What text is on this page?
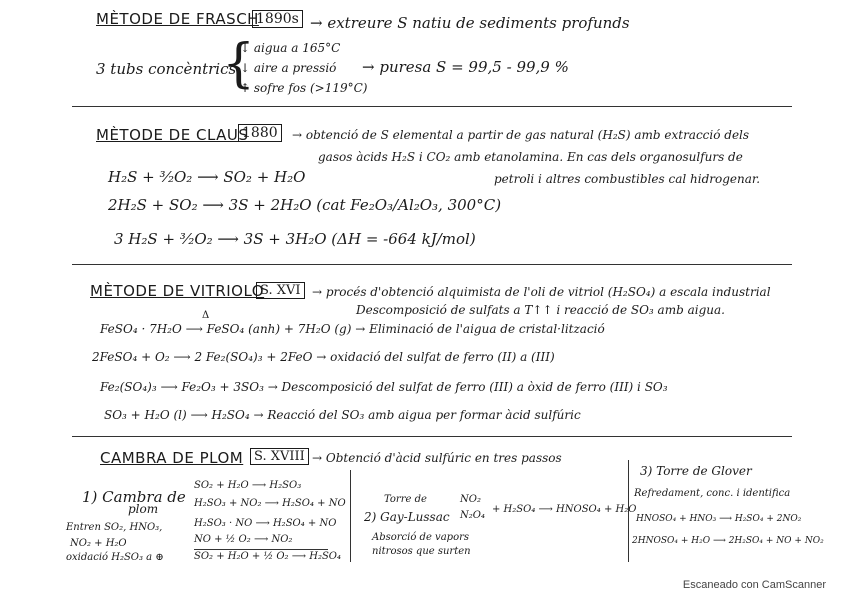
MÈTODE DE FRASCH
1890s → extreure S natiu de sediments profunds
3 tubs concèntrics
{
↓ aigua a 165°C
↓ aire a pressió
↑ sofre fos (>119°C)
→ puresa S = 99,5 - 99,9 %
MÈTODE DE CLAUS
1880	→ obtenció de S elemental a partir de gas natural (H₂S) amb extracció dels
gasos àcids H₂S i CO₂ amb etanolamina. En cas dels organosulfurs de
petroli i altres combustibles cal hidrogenar.
H₂S + ³⁄₂O₂ ⟶ SO₂ + H₂O
2H₂S + SO₂ ⟶ 3S + 2H₂O (cat Fe₂O₃/Al₂O₃, 300°C)
3 H₂S + ³⁄₂O₂ ⟶ 3S + 3H₂O (ΔH = -664 kJ/mol)
MÈTODE DE VITRIOLO
S. XVI → procés d'obtenció alquimista de l'oli de vitriol (H₂SO₄) a escala industrial
Descomposició de sulfats a T↑↑ i reacció de SO₃ amb aigua.
Δ
FeSO₄ · 7H₂O ⟶ FeSO₄ (anh) + 7H₂O (g) → Eliminació de l'aigua de cristal·lització
2FeSO₄ + O₂ ⟶ 2 Fe₂(SO₄)₃ + 2FeO → oxidació del sulfat de ferro (II) a (III)
Fe₂(SO₄)₃ ⟶ Fe₂O₃ + 3SO₃ → Descomposició del sulfat de ferro (III) a òxid de ferro (III) i SO₃
SO₃ + H₂O (l) ⟶ H₂SO₄ → Reacció del SO₃ amb aigua per formar àcid sulfúric
CAMBRA DE PLOM S. XVIII → Obtenció d'àcid sulfúric en tres passos
1) Cambra de
plom
Entren SO₂, HNO₃,
NO₂ + H₂O
oxidació H₂SO₃ a ⊕
SO₂ + H₂O ⟶ H₂SO₃
H₂SO₃ + NO₂ ⟶ H₂SO₄ + NO
H₂SO₃ · NO ⟶ H₂SO₄ + NO
NO + ½ O₂ ⟶ NO₂
SO₂ + H₂O + ½ O₂ ⟶ H₂SO₄
Torre de
2) Gay-Lussac
Absorció de vapors
nitrosos que surten
NO₂
N₂O₄
+ H₂SO₄ ⟶ HNOSO₄ + H₂O
3) Torre de Glover
Refredament, conc. i identifica
HNOSO₄ + HNO₃ ⟶ H₂SO₄ + 2NO₂
2HNOSO₄ + H₂O ⟶ 2H₂SO₄ + NO + NO₂
Escaneado con CamScanner
